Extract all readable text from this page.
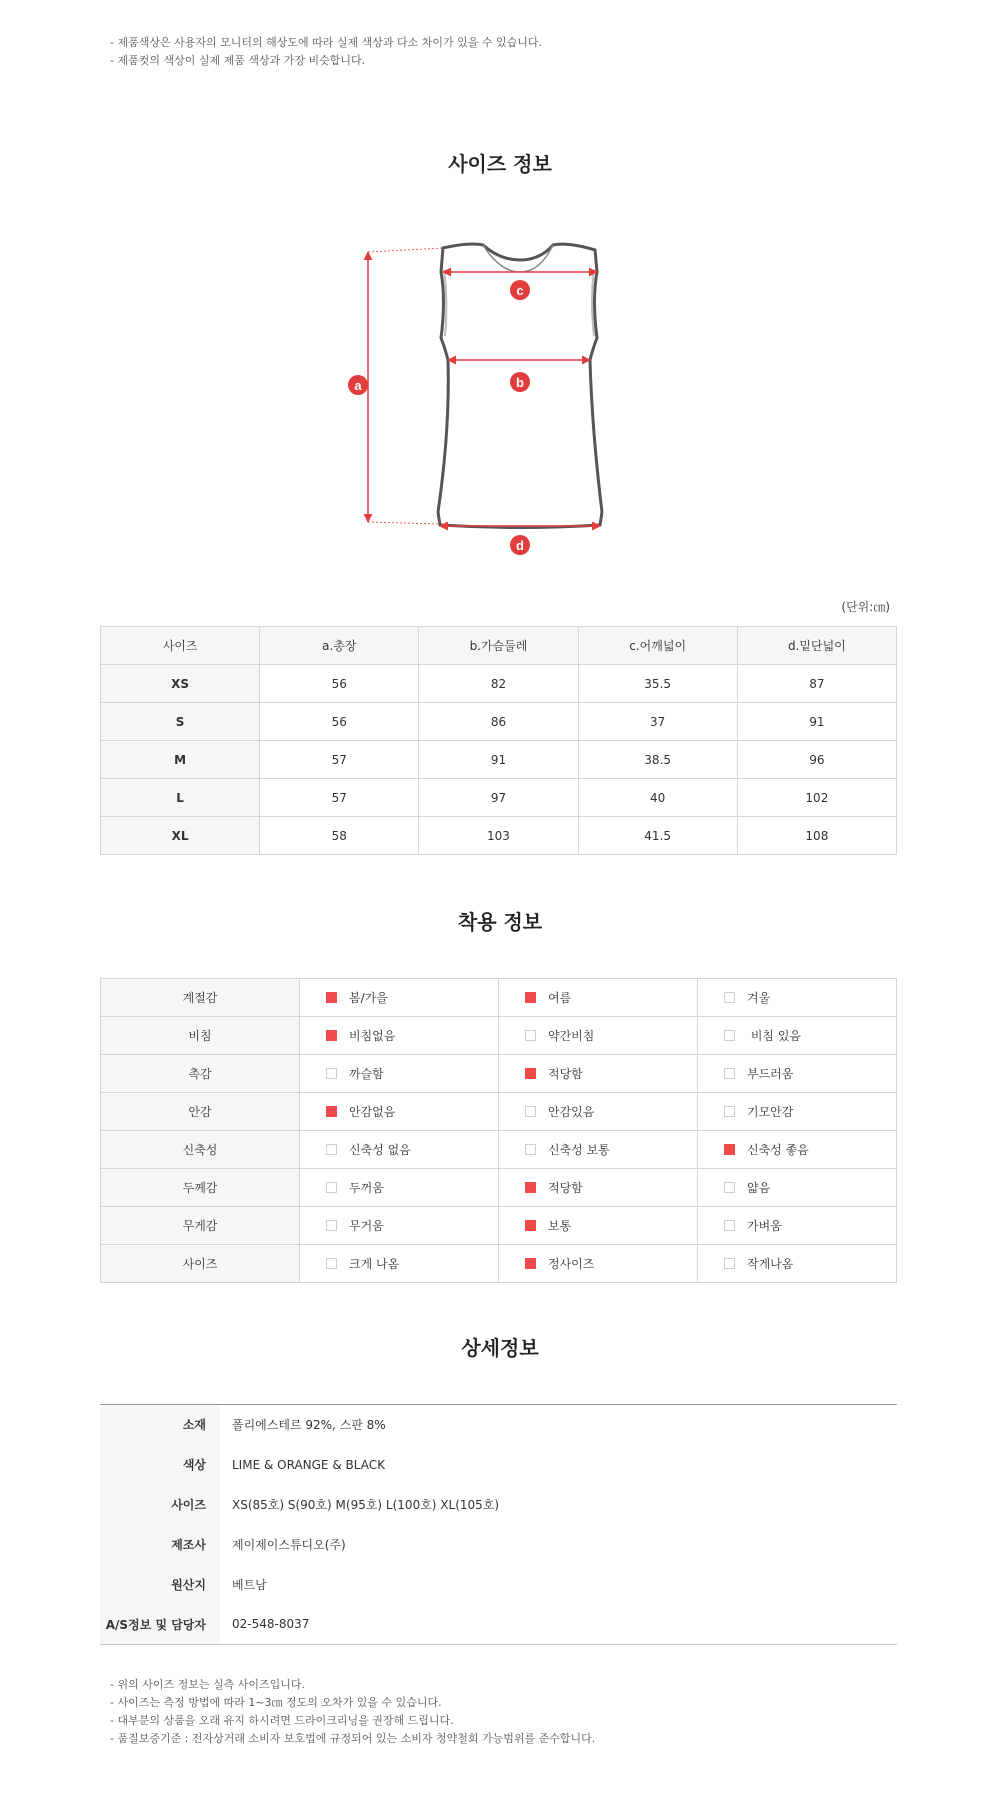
- 제품색상은 사용자의 모니터의 해상도에 따라 실제 색상과 다소 차이가 있을 수 있습니다.
- 제품컷의 색상이 실제 제품 색상과 가장 비슷합니다.
사이즈 정보
a	b
c
d
(단위:㎝)
사이즈	a.총장	b.가슴둘레	c.어깨넓이	d.밑단넓이
XS	56	82	35.5	87
S	56	86	37	91
M	57	91	38.5	96
L	57	97	40	102
XL	58	103	41.5	108
착용 정보
계절감	봄/가을	여름	겨울
비침	비침없음	약간비침	비침 있음
촉감	까슬함	적당함	부드러움
안감	안감없음	안감있음	기모안감
신축성	신축성 없음	신축성 보통	신축성 좋음
두께감	두꺼움	적당함	얇음
무게감	무거움	보통	가벼움
사이즈	크게 나옴	정사이즈	작게나옴
상세정보
소재	폴리에스테르 92%, 스판 8%
색상	LIME & ORANGE & BLACK
사이즈	XS(85호) S(90호) M(95호) L(100호) XL(105호)
제조사	제이제이스튜디오(주)
원산지	베트남
A/S정보 및 담당자	02-548-8037
- 위의 사이즈 정보는 실측 사이즈입니다.
- 사이즈는 측정 방법에 따라 1~3㎝ 정도의 오차가 있을 수 있습니다.
- 대부분의 상품을 오래 유지 하시려면 드라이크리닝을 권장해 드립니다.
- 품질보증기준 : 전자상거래 소비자 보호법에 규정되어 있는 소비자 청약철회 가능범위를 준수합니다.
